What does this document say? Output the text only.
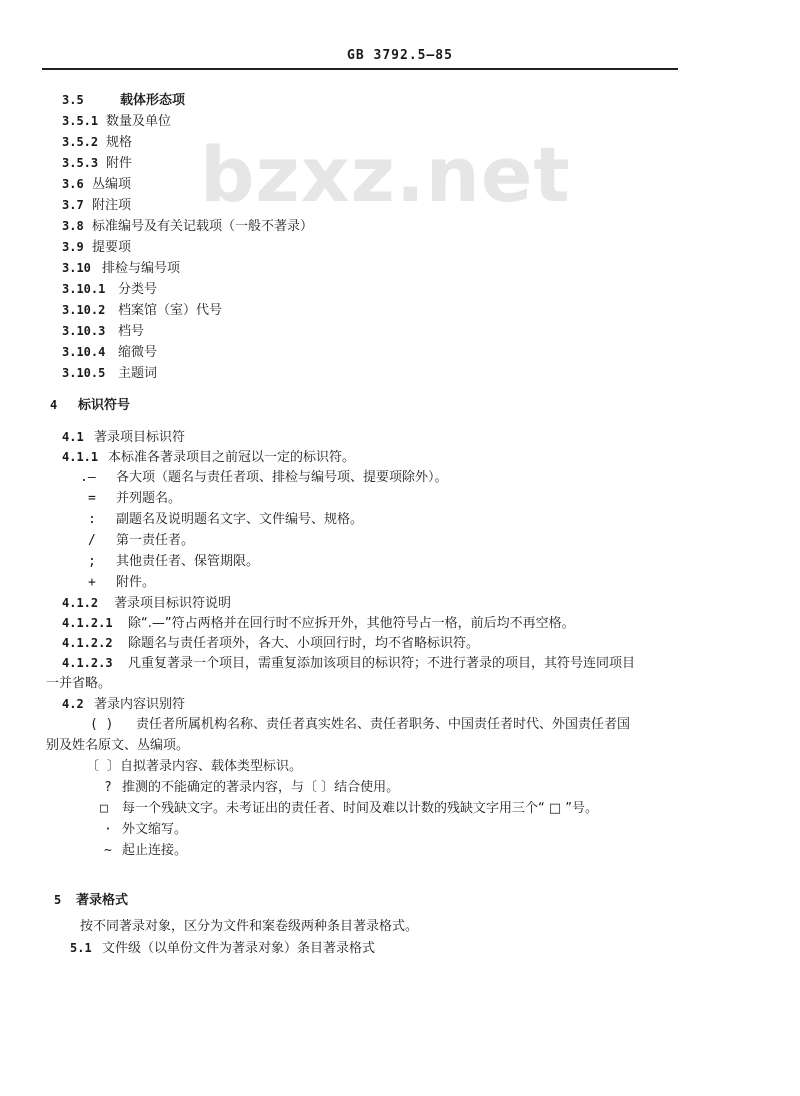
GB 3792.5—85
bzxz.net
3.5	载体形态项
3.5.1 数量及单位
3.5.2 规格
3.5.3 附件
3.6 丛编项
3.7 附注项
3.8 标准编号及有关记载项（一般不著录）
3.9 提要项
3.10 排检与编号项
3.10.1 分类号
3.10.2 档案馆（室）代号
3.10.3 档号
3.10.4 缩微号
3.10.5 主题词
4 标识符号
4.1 著录项目标识符
4.1.1 本标准各著录项目之前冠以一定的标识符。
.— 各大项（题名与责任者项、排检与编号项、提要项除外）。
= 并列题名。
: 副题名及说明题名文字、文件编号、规格。
/ 第一责任者。
; 其他责任者、保管期限。
+ 附件。
4.1.2 著录项目标识符说明
4.1.2.1 除“.—”符占两格并在回行时不应拆开外，其他符号占一格，前后均不再空格。
4.1.2.2 除题名与责任者项外，各大、小项回行时，均不省略标识符。
4.1.2.3 凡重复著录一个项目，需重复添加该项目的标识符；不进行著录的项目，其符号连同项目
一并省略。
4.2 著录内容识别符
( ) 责任者所属机构名称、责任者真实姓名、责任者职务、中国责任者时代、外国责任者国
别及姓名原文、丛编项。
〔 〕自拟著录内容、载体类型标识。
? 推测的不能确定的著录内容，与〔 〕结合使用。
□ 每一个残缺文字。未考证出的责任者、时间及难以计数的残缺文字用三个“ □ ”号。
· 外文缩写。
~ 起止连接。
5 著录格式
按不同著录对象，区分为文件和案卷级两种条目著录格式。
5.1 文件级（以单份文件为著录对象）条目著录格式
